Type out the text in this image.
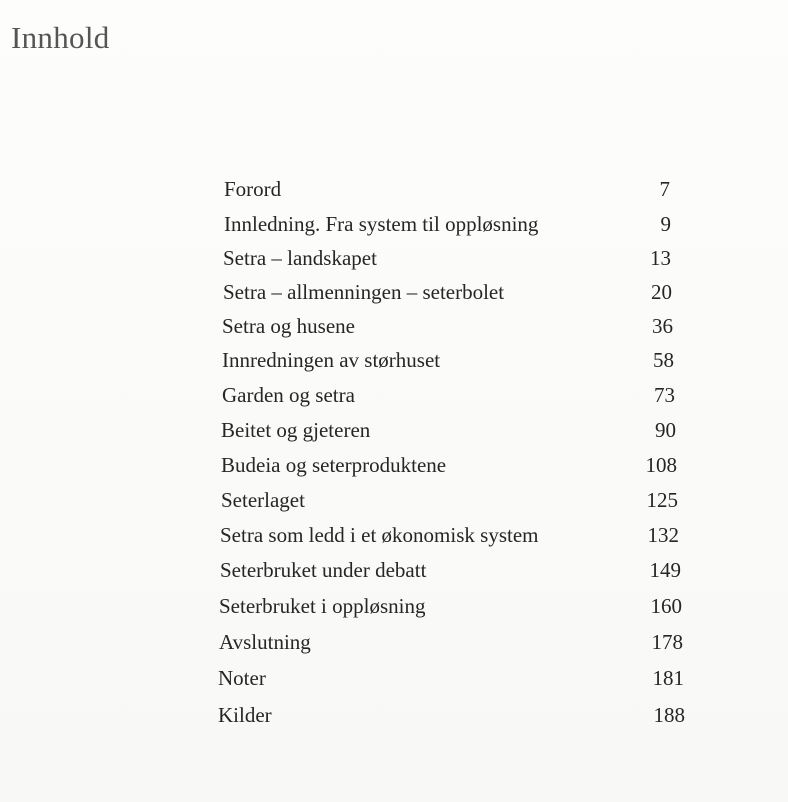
Innhold
Forord	7
Innledning. Fra system til oppløsning	9
Setra – landskapet	13
Setra – allmenningen – seterbolet	20
Setra og husene	36
Innredningen av størhuset	58
Garden og setra	73
Beitet og gjeteren	90
Budeia og seterproduktene	108
Seterlaget	125
Setra som ledd i et økonomisk system	132
Seterbruket under debatt	149
Seterbruket i oppløsning	160
Avslutning	178
Noter	181
Kilder	188
